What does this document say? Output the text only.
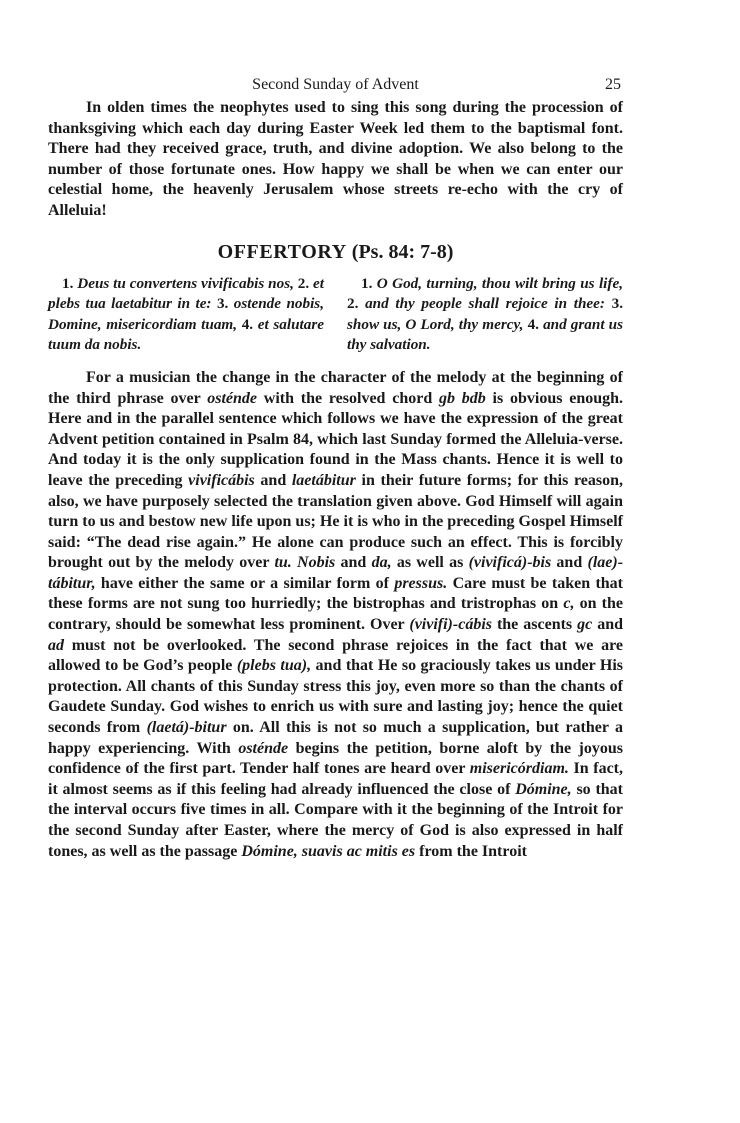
Second Sunday of Advent	25

In olden times the neophytes used to sing this song during the procession of thanksgiving which each day during Easter Week led them to the baptismal font. There had they received grace, truth, and divine adoption. We also belong to the number of those fortunate ones. How happy we shall be when we can enter our celestial home, the heavenly Jerusalem whose streets re-echo with the cry of Alleluia!

OFFERTORY (Ps. 84: 7-8)
1. Deus tu convertens vivificabis nos, 2. et plebs tua laetabitur in te: 3. ostende nobis, Domine, misericordiam tuam, 4. et salutare tuum da nobis.
1. O God, turning, thou wilt bring us life, 2. and thy people shall rejoice in thee: 3. show us, O Lord, thy mercy, 4. and grant us thy salvation.

For a musician the change in the character of the melody at the beginning of the third phrase over osténde with the resolved chord gb bdb is obvious enough. Here and in the parallel sentence which follows we have the expression of the great Advent petition contained in Psalm 84, which last Sunday formed the Alleluia-verse. And today it is the only supplication found in the Mass chants. Hence it is well to leave the preceding vivificábis and laetábitur in their future forms; for this reason, also, we have purposely selected the translation given above. God Himself will again turn to us and bestow new life upon us; He it is who in the preceding Gospel Himself said: “The dead rise again.” He alone can produce such an effect. This is forcibly brought out by the melody over tu. Nobis and da, as well as (vivificá)-bis and (lae)-tábitur, have either the same or a similar form of pressus. Care must be taken that these forms are not sung too hurriedly; the bistrophas and tristrophas on c, on the contrary, should be somewhat less prominent. Over (vivifi)-cábis the ascents gc and ad must not be overlooked. The second phrase rejoices in the fact that we are allowed to be God’s people (plebs tua), and that He so graciously takes us under His protection. All chants of this Sunday stress this joy, even more so than the chants of Gaudete Sunday. God wishes to enrich us with sure and lasting joy; hence the quiet seconds from (laetá)-bitur on. All this is not so much a supplication, but rather a happy experiencing. With osténde begins the petition, borne aloft by the joyous confidence of the first part. Tender half tones are heard over misericórdiam. In fact, it almost seems as if this feeling had already influenced the close of Dómine, so that the interval occurs five times in all. Compare with it the beginning of the Introit for the second Sunday after Easter, where the mercy of God is also expressed in half tones, as well as the passage Dómine, suavis ac mitis es from the Introit
